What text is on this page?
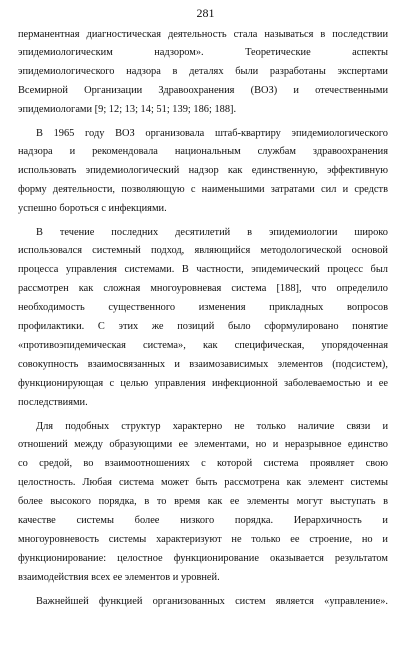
281
перманентная диагностическая деятельность стала называться в последствии
эпидемиологическим надзором». Теоретические аспекты
эпидемиологического надзора в деталях были разработаны экспертами
Всемирной Организации Здравоохранения (ВОЗ) и отечественными
эпидемиологами [9; 12; 13; 14; 51; 139; 186; 188].
В 1965 году ВОЗ организовала штаб-квартиру эпидемиологического
надзора и рекомендовала национальным службам здравоохранения
использовать эпидемиологический надзор как единственную, эффективную
форму деятельности, позволяющую с наименьшими затратами сил и средств
успешно бороться с инфекциями.
В течение последних десятилетий в эпидемиологии широко
использовался системный подход, являющийся методологической основой
процесса управления системами. В частности, эпидемический процесс был
рассмотрен как сложная многоуровневая система [188], что определило
необходимость существенного изменения прикладных вопросов
профилактики. С этих же позиций было сформулировано понятие
«противоэпидемическая система», как специфическая, упорядоченная
совокупность взаимосвязанных и взаимозависимых элементов (подсистем),
функционирующая с целью управления инфекционной заболеваемостью и ее
последствиями.
Для подобных структур характерно не только наличие связи и
отношений между образующими ее элементами, но и неразрывное единство
со средой, во взаимоотношениях с которой система проявляет свою
целостность. Любая система может быть рассмотрена как элемент системы
более высокого порядка, в то время как ее элементы могут выступать в
качестве системы более низкого порядка. Иерархичность и
многоуровневость системы характеризуют не только ее строение, но и
функционирование: целостное функционирование оказывается результатом
взаимодействия всех ее элементов и уровней.
Важнейшей функцией организованных систем является «управление».
